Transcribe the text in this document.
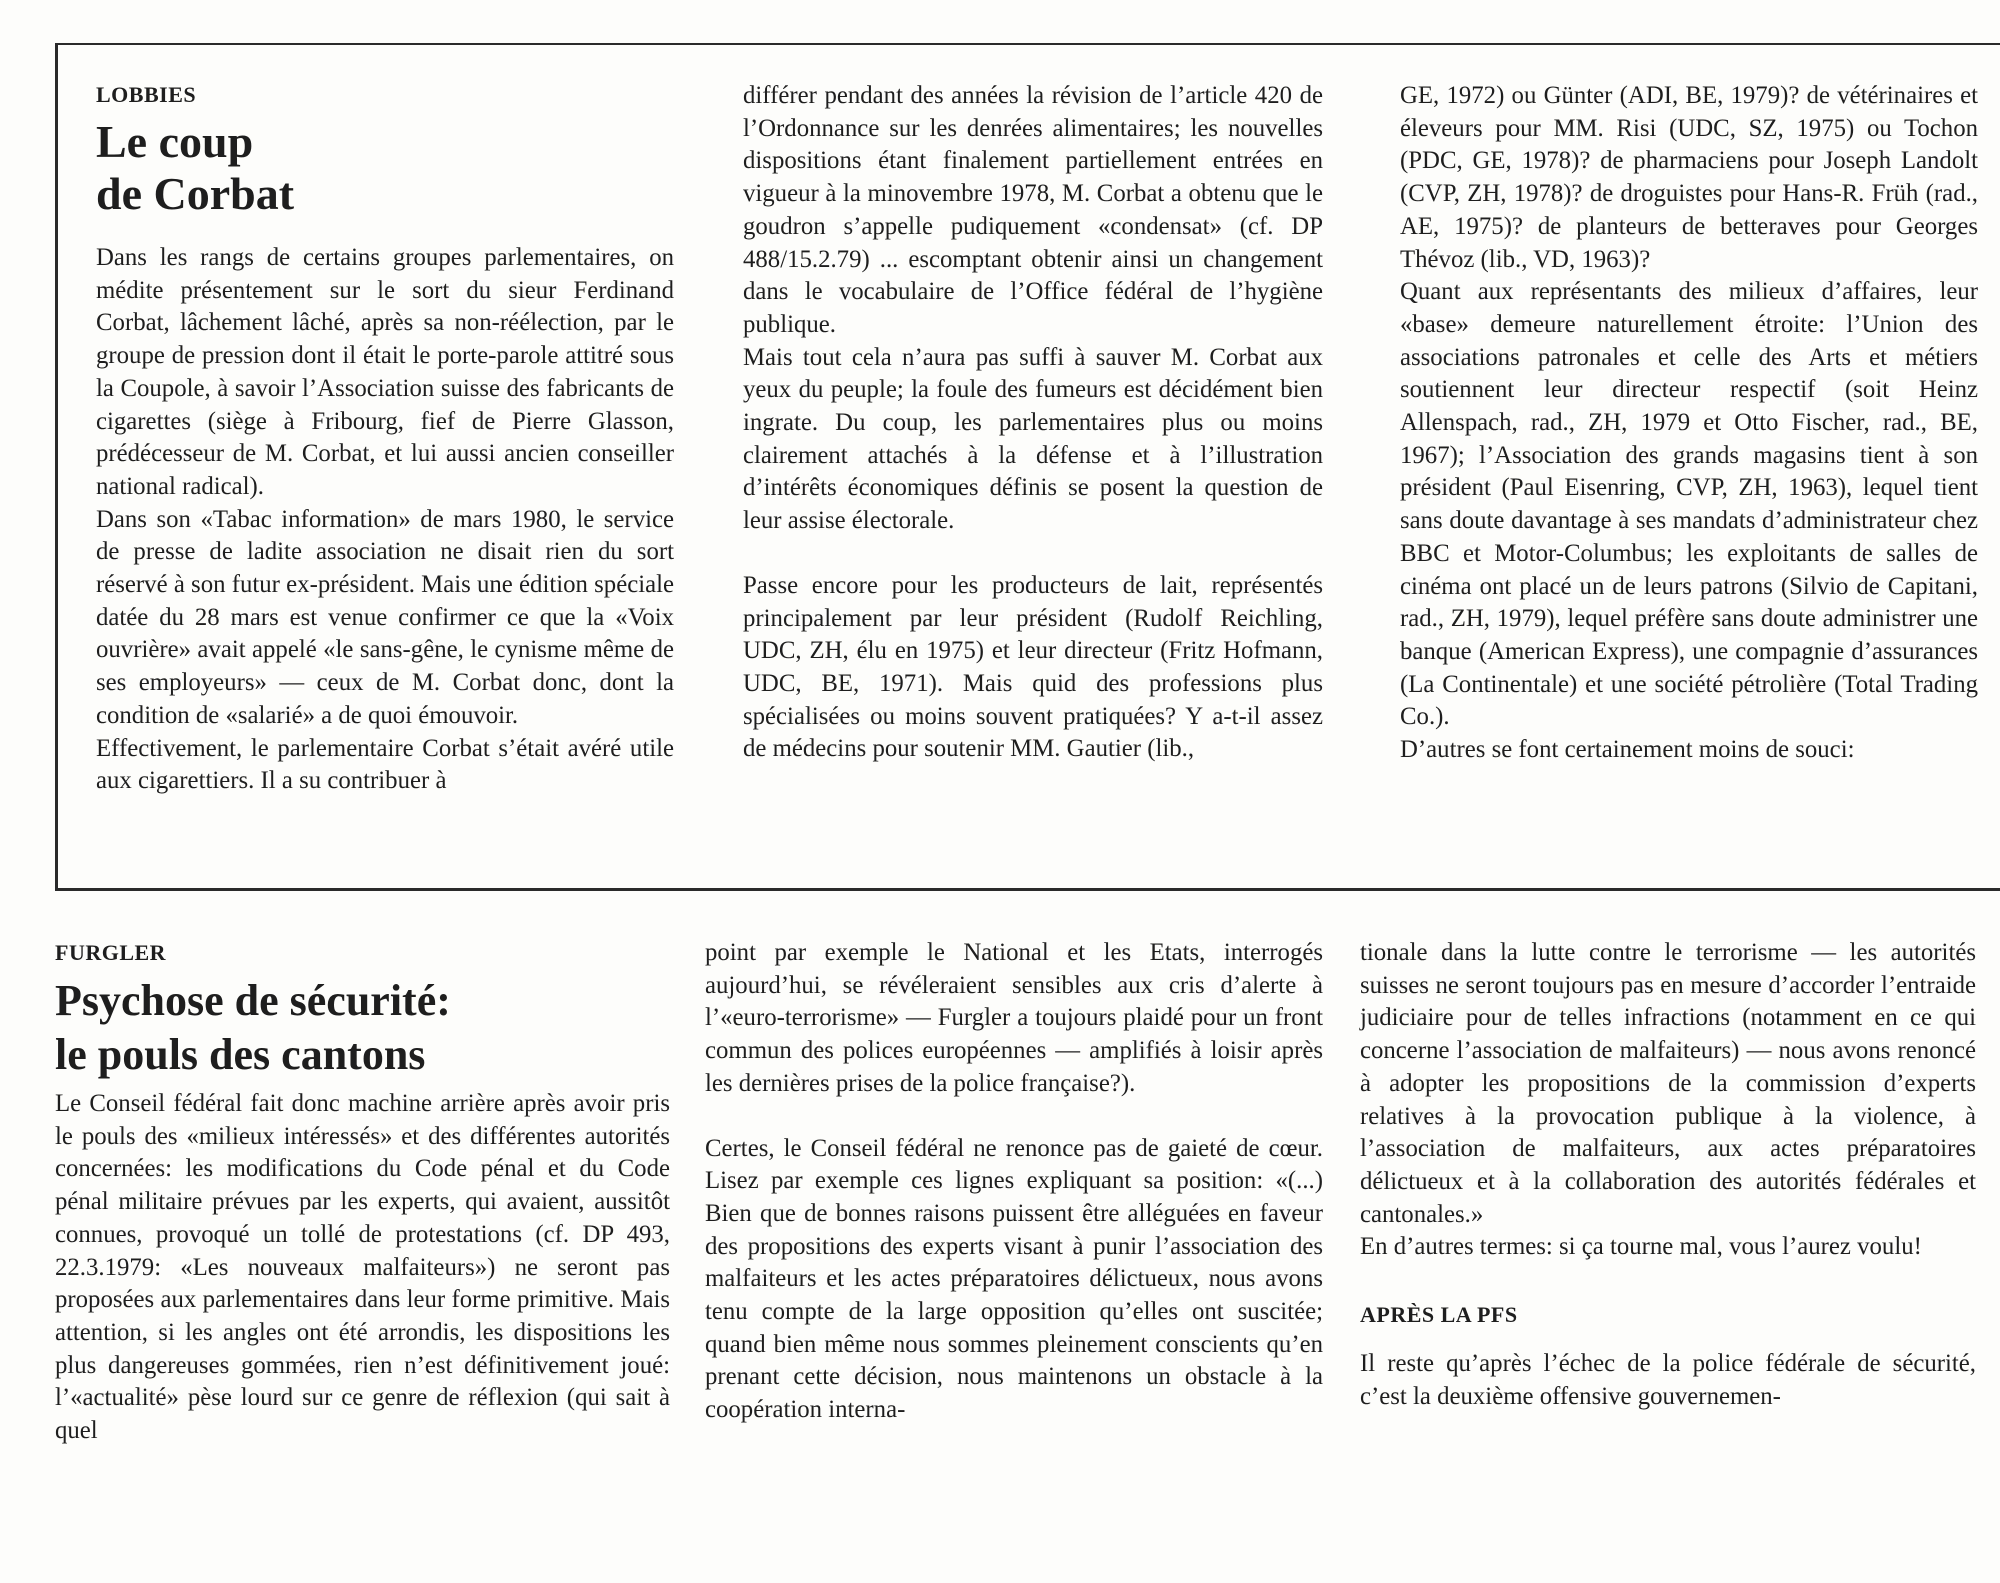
LOBBIES

Le coup
de Corbat

Dans les rangs de certains groupes parlementaires, on médite présentement sur le sort du sieur Ferdinand Corbat, lâchement lâché, après sa non-réélection, par le groupe de pression dont il était le porte-parole attitré sous la Coupole, à savoir l’Association suisse des fabricants de cigarettes (siège à Fribourg, fief de Pierre Glasson, prédécesseur de M. Corbat, et lui aussi ancien conseiller national radical).

Dans son «Tabac information» de mars 1980, le service de presse de ladite association ne disait rien du sort réservé à son futur ex-président. Mais une édition spéciale datée du 28 mars est venue confirmer ce que la «Voix ouvrière» avait appelé «le sans-gêne, le cynisme même de ses employeurs» — ceux de M. Corbat donc, dont la condition de «salarié» a de quoi émouvoir.

Effectivement, le parlementaire Corbat s’était avéré utile aux cigarettiers. Il a su contribuer à

différer pendant des années la révision de l’article 420 de l’Ordonnance sur les denrées alimentaires; les nouvelles dispositions étant finalement partiellement entrées en vigueur à la minovembre 1978, M. Corbat a obtenu que le goudron s’appelle pudiquement «condensat» (cf. DP 488/15.2.79) ... escomptant obtenir ainsi un changement dans le vocabulaire de l’Office fédéral de l’hygiène publique.

Mais tout cela n’aura pas suffi à sauver M. Corbat aux yeux du peuple; la foule des fumeurs est décidément bien ingrate. Du coup, les parlementaires plus ou moins clairement attachés à la défense et à l’illustration d’intérêts économiques définis se posent la question de leur assise électorale.

Passe encore pour les producteurs de lait, représentés principalement par leur président (Rudolf Reichling, UDC, ZH, élu en 1975) et leur directeur (Fritz Hofmann, UDC, BE, 1971). Mais quid des professions plus spécialisées ou moins souvent pratiquées? Y a-t-il assez de médecins pour soutenir MM. Gautier (lib.,

GE, 1972) ou Günter (ADI, BE, 1979)? de vétérinaires et éleveurs pour MM. Risi (UDC, SZ, 1975) ou Tochon (PDC, GE, 1978)? de pharmaciens pour Joseph Landolt (CVP, ZH, 1978)? de droguistes pour Hans-R. Früh (rad., AE, 1975)? de planteurs de betteraves pour Georges Thévoz (lib., VD, 1963)?

Quant aux représentants des milieux d’affaires, leur «base» demeure naturellement étroite: l’Union des associations patronales et celle des Arts et métiers soutiennent leur directeur respectif (soit Heinz Allenspach, rad., ZH, 1979 et Otto Fischer, rad., BE, 1967); l’Association des grands magasins tient à son président (Paul Eisenring, CVP, ZH, 1963), lequel tient sans doute davantage à ses mandats d’administrateur chez BBC et Motor-Columbus; les exploitants de salles de cinéma ont placé un de leurs patrons (Silvio de Capitani, rad., ZH, 1979), lequel préfère sans doute administrer une banque (American Express), une compagnie d’assurances (La Continentale) et une société pétrolière (Total Trading Co.).

D’autres se font certainement moins de souci:

FURGLER

Psychose de sécurité:
le pouls des cantons

Le Conseil fédéral fait donc machine arrière après avoir pris le pouls des «milieux intéressés» et des différentes autorités concernées: les modifications du Code pénal et du Code pénal militaire prévues par les experts, qui avaient, aussitôt connues, provoqué un tollé de protestations (cf. DP 493, 22.3.1979: «Les nouveaux malfaiteurs») ne seront pas proposées aux parlementaires dans leur forme primitive. Mais attention, si les angles ont été arrondis, les dispositions les plus dangereuses gommées, rien n’est définitivement joué: l’«actualité» pèse lourd sur ce genre de réflexion (qui sait à quel

point par exemple le National et les Etats, interrogés aujourd’hui, se révéleraient sensibles aux cris d’alerte à l’«euro-terrorisme» — Furgler a toujours plaidé pour un front commun des polices européennes — amplifiés à loisir après les dernières prises de la police française?).

Certes, le Conseil fédéral ne renonce pas de gaieté de cœur. Lisez par exemple ces lignes expliquant sa position: «(...) Bien que de bonnes raisons puissent être alléguées en faveur des propositions des experts visant à punir l’association des malfaiteurs et les actes préparatoires délictueux, nous avons tenu compte de la large opposition qu’elles ont suscitée; quand bien même nous sommes pleinement conscients qu’en prenant cette décision, nous maintenons un obstacle à la coopération interna-

tionale dans la lutte contre le terrorisme — les autorités suisses ne seront toujours pas en mesure d’accorder l’entraide judiciaire pour de telles infractions (notamment en ce qui concerne l’association de malfaiteurs) — nous avons renoncé à adopter les propositions de la commission d’experts relatives à la provocation publique à la violence, à l’association de malfaiteurs, aux actes préparatoires délictueux et à la collaboration des autorités fédérales et cantonales.»

En d’autres termes: si ça tourne mal, vous l’aurez voulu!

APRÈS LA PFS

Il reste qu’après l’échec de la police fédérale de sécurité, c’est la deuxième offensive gouvernemen-
